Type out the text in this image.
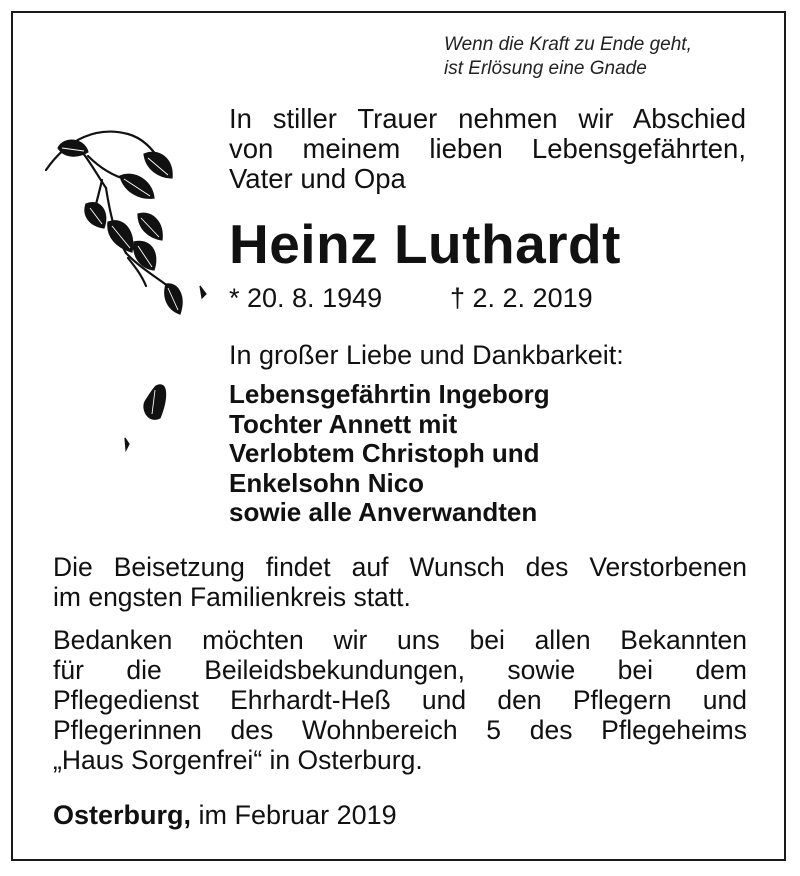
Wenn die Kraft zu Ende geht,
ist Erlösung eine Gnade
In stiller Trauer nehmen wir Abschied
von meinem lieben Lebensgefährten,
Vater und Opa
Heinz Luthardt
* 20. 8. 1949	† 2. 2. 2019
In großer Liebe und Dankbarkeit:
Lebensgefährtin Ingeborg
Tochter Annett mit
Verlobtem Christoph und
Enkelsohn Nico
sowie alle Anverwandten
Die Beisetzung findet auf Wunsch des Verstorbenen
im engsten Familienkreis statt.
Bedanken möchten wir uns bei allen Bekannten
für die Beileidsbekundungen, sowie bei dem
Pflegedienst Ehrhardt-Heß und den Pflegern und
Pflegerinnen des Wohnbereich 5 des Pflegeheims
„Haus Sorgenfrei“ in Osterburg.
Osterburg, im Februar 2019
